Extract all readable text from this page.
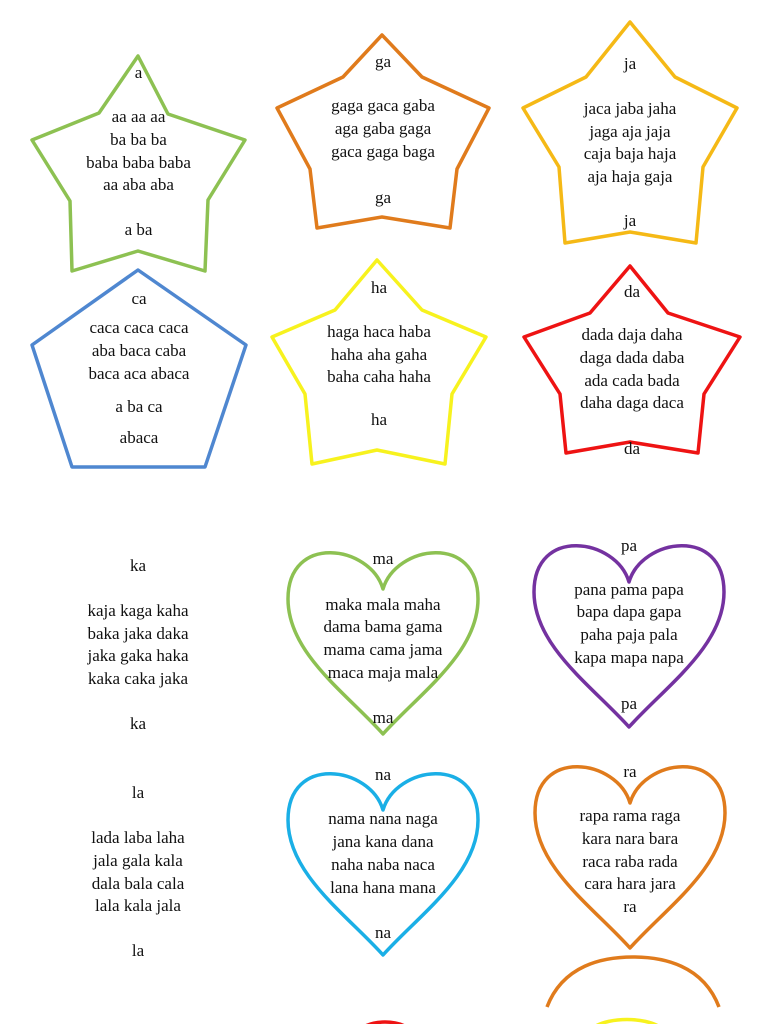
a
aa aa aa
ba ba ba
baba baba baba
aa aba aba
a ba
ga
gaga gaca gaba
aga gaba gaga
gaca gaga baga
ga
ja
jaca jaba jaha
jaga aja jaja
caja baja haja
aja haja gaja
ja
ca
caca caca caca
aba baca caba
baca aca abaca
a ba ca
abaca
ha
haga haca haba
haha aha gaha
baha caha haha
ha
da
dada daja daha
daga dada daba
ada cada bada
daha daga daca
da
ka
kaja kaga kaha
baka jaka daka
jaka gaka haka
kaka caka jaka
ka
ma
maka mala maha
dama bama gama
mama cama jama
maca maja mala
ma
pa
pana pama papa
bapa dapa gapa
paha paja pala
kapa mapa napa
pa
la
lada laba laha
jala gala kala
dala bala cala
lala kala jala
la
na
nama nana naga
jana kana dana
naha naba naca
lana hana mana
na
ra
rapa rama raga
kara nara bara
raca raba rada
cara hara jara
ra
